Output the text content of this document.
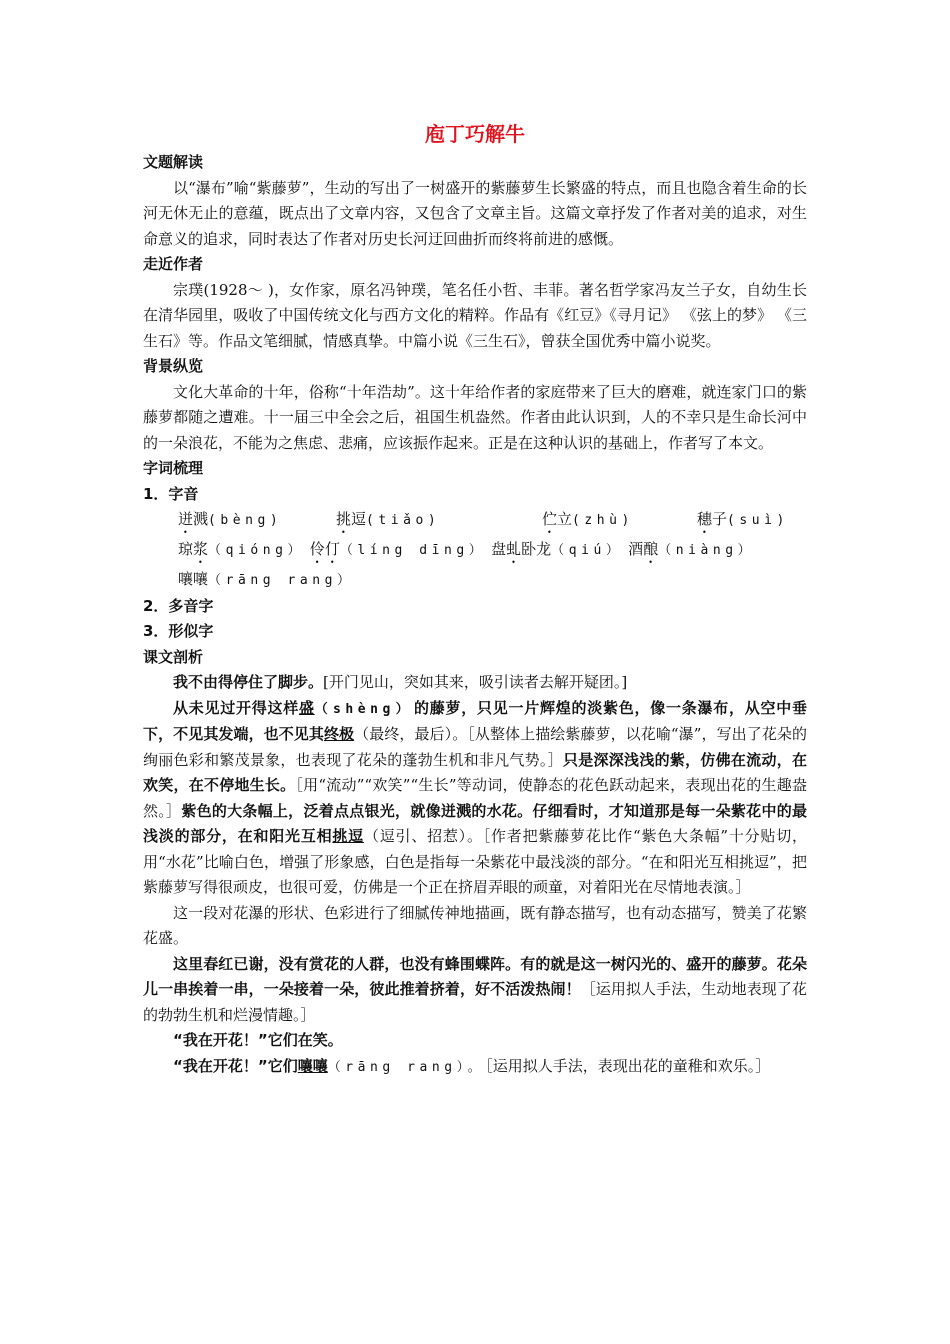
庖丁巧解牛
文题解读

以“瀑布”喻“紫藤萝”，生动的写出了一树盛开的紫藤萝生长繁盛的特点，而且也隐含着生命的长河无休无止的意蕴，既点出了文章内容，又包含了文章主旨。这篇文章抒发了作者对美的追求，对生命意义的追求，同时表达了作者对历史长河迂回曲折而终将前进的感慨。

走近作者

宗璞(1928～ )，女作家，原名冯钟璞，笔名任小哲、丰菲。著名哲学家冯友兰子女，自幼生长在清华园里，吸收了中国传统文化与西方文化的精粹。作品有《红豆》《寻月记》 《弦上的梦》 《三生石》等。作品文笔细腻，情感真挚。中篇小说《三生石》，曾获全国优秀中篇小说奖。

背景纵览

文化大革命的十年，俗称“十年浩劫”。这十年给作者的家庭带来了巨大的磨难，就连家门口的紫藤萝都随之遭难。十一届三中全会之后，祖国生机盎然。作者由此认识到，人的不幸只是生命长河中的一朵浪花，不能为之焦虑、悲痛，应该振作起来。正是在这种认识的基础上，作者写了本文。

字词梳理
1．字音
迸溅(bèng)	挑逗(tiǎo)	伫立(zhù)	穗子(suì)
琼浆（qióng） 伶仃（líng dīng） 盘虬卧龙（qiú） 酒酿（niàng）
嚷嚷（rāng rang）
2．多音字
3．形似字
课文剖析

我不由得停住了脚步。[开门见山，突如其来，吸引读者去解开疑团。]

从未见过开得这样盛（shèng）的藤萝，只见一片辉煌的淡紫色，像一条瀑布，从空中垂下，不见其发端，也不见其终极（最终，最后）。［从整体上描绘紫藤萝，以花喻“瀑”，写出了花朵的绚丽色彩和繁茂景象，也表现了花朵的蓬勃生机和非凡气势。］只是深深浅浅的紫，仿佛在流动，在欢笑，在不停地生长。［用“流动”“欢笑”“生长”等动词，使静态的花色跃动起来，表现出花的生趣盎然。］紫色的大条幅上，泛着点点银光，就像迸溅的水花。仔细看时，才知道那是每一朵紫花中的最浅淡的部分，在和阳光互相挑逗（逗引、招惹）。［作者把紫藤萝花比作“紫色大条幅”十分贴切，用“水花”比喻白色，增强了形象感，白色是指每一朵紫花中最浅淡的部分。“在和阳光互相挑逗”，把紫藤萝写得很顽皮，也很可爱，仿佛是一个正在挤眉弄眼的顽童，对着阳光在尽情地表演。］

这一段对花瀑的形状、色彩进行了细腻传神地描画，既有静态描写，也有动态描写，赞美了花繁花盛。

这里春红已谢，没有赏花的人群，也没有蜂围蝶阵。有的就是这一树闪光的、盛开的藤萝。花朵儿一串挨着一串，一朵接着一朵，彼此推着挤着，好不活泼热闹！［运用拟人手法，生动地表现了花的勃勃生机和烂漫情趣。］

“我在开花！”它们在笑。

“我在开花！”它们嚷嚷（rāng rang）。［运用拟人手法，表现出花的童稚和欢乐。］
